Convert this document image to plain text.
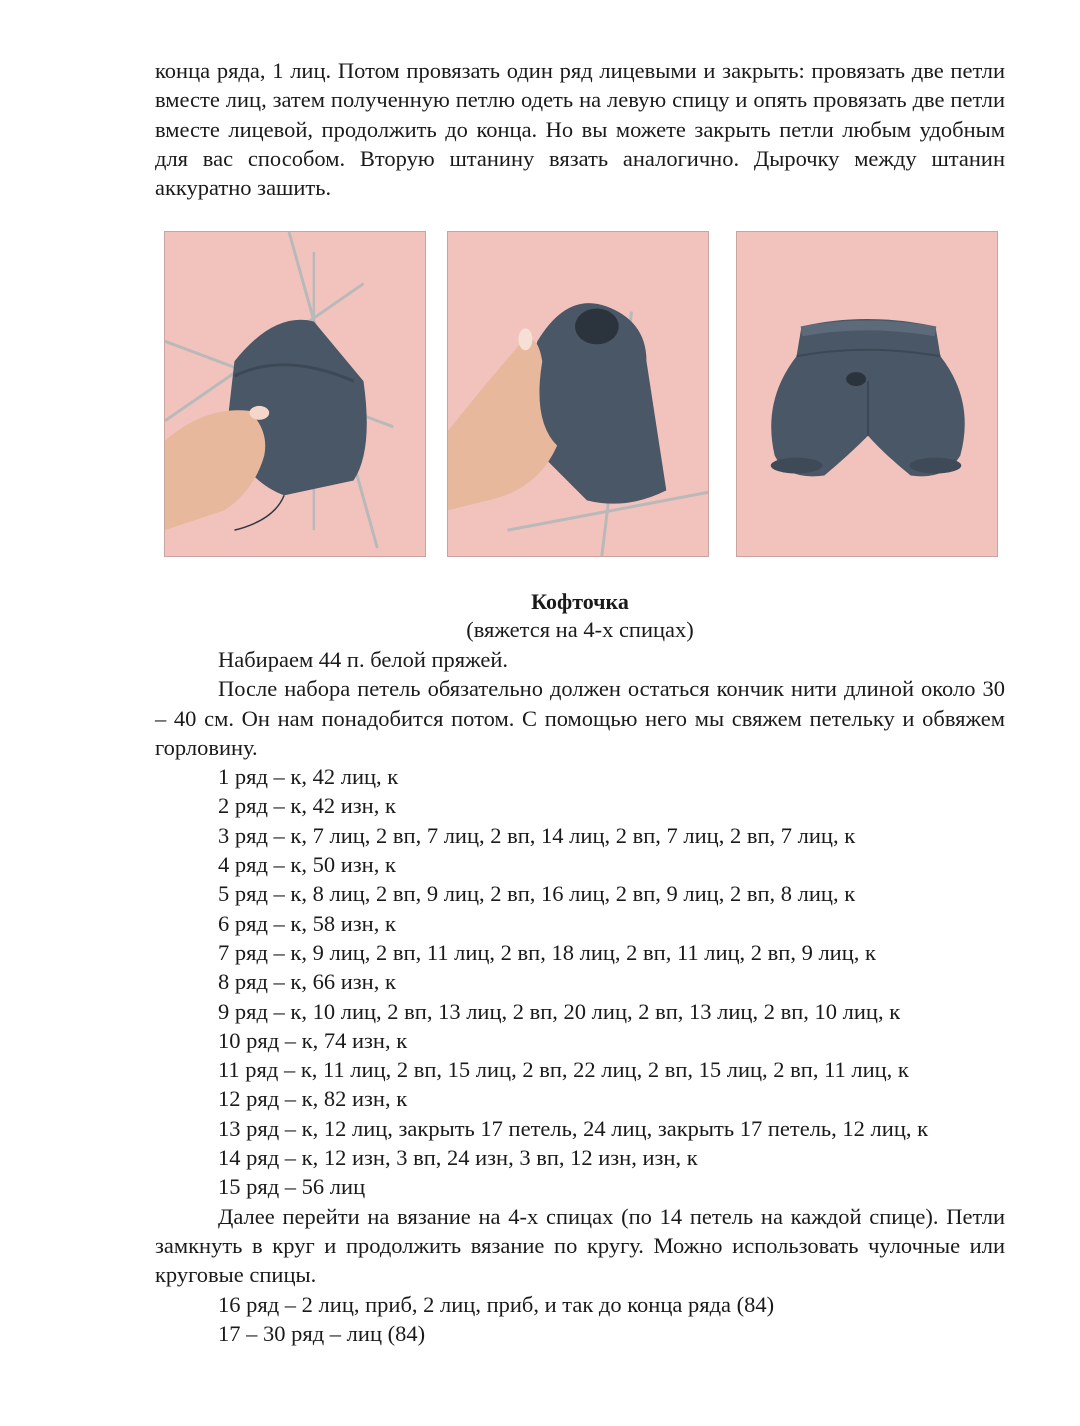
конца ряда, 1 лиц. Потом провязать один ряд лицевыми и закрыть: провязать две петли вместе лиц, затем полученную петлю одеть на левую спицу и опять провязать две петли вместе лицевой, продолжить до конца. Но вы можете закрыть петли любым удобным для вас способом. Вторую штанину вязать аналогично. Дырочку между штанин аккуратно зашить.

Кофточка
(вяжется на 4-х спицах)

Набираем 44 п. белой пряжей.

После набора петель обязательно должен остаться кончик нити длиной около 30 – 40 см. Он нам понадобится потом. С помощью него мы свяжем петельку и обвяжем горловину.

1 ряд – к, 42 лиц, к
2 ряд – к, 42 изн, к
3 ряд – к, 7 лиц, 2 вп, 7 лиц, 2 вп, 14 лиц, 2 вп, 7 лиц, 2 вп, 7 лиц, к
4 ряд – к, 50 изн, к
5 ряд – к, 8 лиц, 2 вп, 9 лиц, 2 вп, 16 лиц, 2 вп, 9 лиц, 2 вп, 8 лиц, к
6 ряд – к, 58 изн, к
7 ряд – к, 9 лиц, 2 вп, 11 лиц, 2 вп, 18 лиц, 2 вп, 11 лиц, 2 вп, 9 лиц, к
8 ряд – к, 66 изн, к
9 ряд – к, 10 лиц, 2 вп, 13 лиц, 2 вп, 20 лиц, 2 вп, 13 лиц, 2 вп, 10 лиц, к
10 ряд – к, 74 изн, к
11 ряд – к, 11 лиц, 2 вп, 15 лиц, 2 вп, 22 лиц, 2 вп, 15 лиц, 2 вп, 11 лиц, к
12 ряд – к, 82 изн, к

13 ряд – к, 12 лиц, закрыть 17 петель, 24 лиц, закрыть 17 петель, 12 лиц, к

14 ряд – к, 12 изн, 3 вп, 24 изн, 3 вп, 12 изн, изн, к
15 ряд – 56 лиц

Далее перейти на вязание на 4-х спицах (по 14 петель на каждой спице). Петли замкнуть в круг и продолжить вязание по кругу. Можно использовать чулочные или круговые спицы.

16 ряд – 2 лиц, приб, 2 лиц, приб, и так до конца ряда (84)
17 – 30 ряд – лиц (84)
